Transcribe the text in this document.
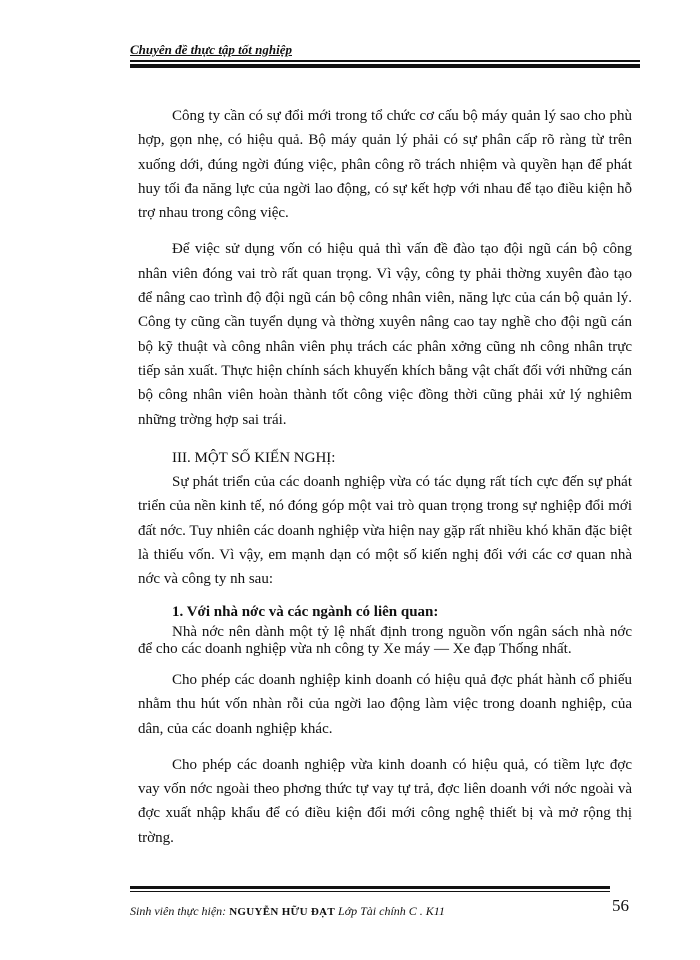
Chuyên đề thực tập tốt nghiệp

Công ty cần có sự đổi mới trong tổ chức cơ cấu bộ máy quản lý sao cho phù hợp, gọn nhẹ, có hiệu quả. Bộ máy quản lý phải có sự phân cấp rõ ràng từ trên xuống dới, đúng ngời đúng việc, phân công rõ trách nhiệm và quyền hạn để phát huy tối đa năng lực của ngời lao động, có sự kết hợp với nhau để tạo điều kiện hỗ trợ nhau trong công việc.

Để việc sử dụng vốn có hiệu quả thì vấn đề đào tạo đội ngũ cán bộ công nhân viên đóng vai trò rất quan trọng. Vì vậy, công ty phải thờng xuyên đào tạo để nâng cao trình độ đội ngũ cán bộ công nhân viên, năng lực của cán bộ quản lý. Công ty cũng cần tuyển dụng và thờng xuyên nâng cao tay nghề cho đội ngũ cán bộ kỹ thuật và công nhân viên phụ trách các phân xởng cũng nh công nhân trực tiếp sản xuất. Thực hiện chính sách khuyến khích bằng vật chất đối với những cán bộ công nhân viên hoàn thành tốt công việc đồng thời cũng phải xử lý nghiêm những trờng hợp sai trái.

III. MỘT SỐ KIẾN NGHỊ:

Sự phát triển của các doanh nghiệp vừa có tác dụng rất tích cực đến sự phát triển của nền kinh tế, nó đóng góp một vai trò quan trọng trong sự nghiệp đổi mới đất nớc. Tuy nhiên các doanh nghiệp vừa hiện nay gặp rất nhiều khó khăn đặc biệt là thiếu vốn. Vì vậy, em mạnh dạn có một số kiến nghị đối với các cơ quan nhà nớc và công ty nh sau:

1. Với nhà nớc và các ngành có liên quan:

Nhà nớc nên dành một tỷ lệ nhất định trong nguồn vốn ngân sách nhà nớc để cho các doanh nghiệp vừa nh công ty Xe máy — Xe đạp Thống nhất.

Cho phép các doanh nghiệp kinh doanh có hiệu quả đợc phát hành cổ phiếu nhằm thu hút vốn nhàn rỗi của ngời lao động làm việc trong doanh nghiệp, của dân, của các doanh nghiệp khác.

Cho phép các doanh nghiệp vừa kinh doanh có hiệu quả, có tiềm lực đợc vay vốn nớc ngoài theo phơng thức tự vay tự trả, đợc liên doanh với nớc ngoài và đợc xuất nhập khẩu để có điều kiện đổi mới công nghệ thiết bị và mở rộng thị trờng.

Sinh viên thực hiện: NGUYỄN HỮU ĐẠT Lớp Tài chính C . K11	56
